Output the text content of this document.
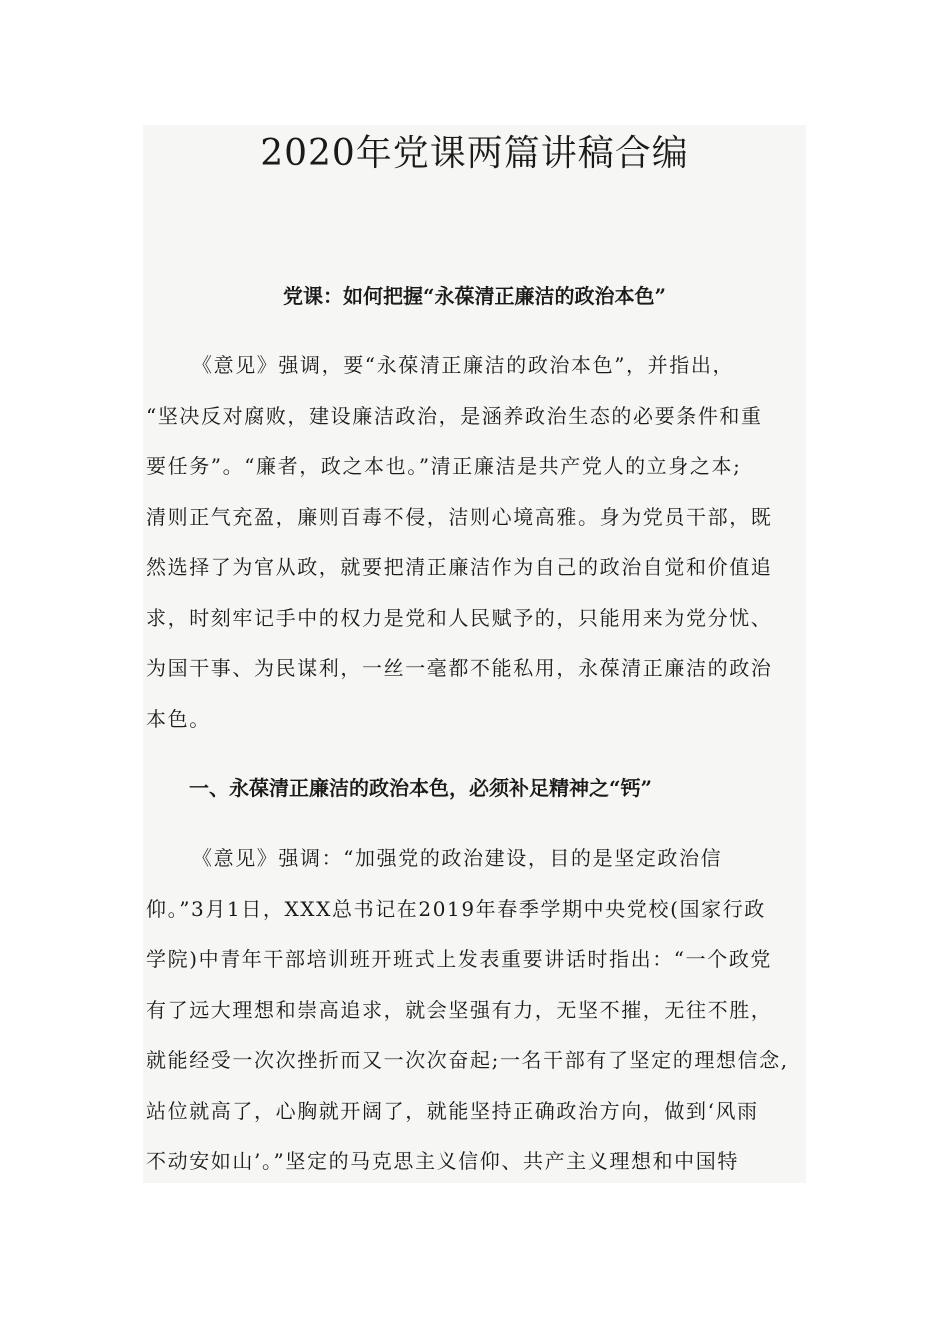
2020年党课两篇讲稿合编
党课：如何把握“永葆清正廉洁的政治本色”
《意见》强调，要“永葆清正廉洁的政治本色”，并指出，
“坚决反对腐败，建设廉洁政治，是涵养政治生态的必要条件和重
要任务”。“廉者，政之本也。”清正廉洁是共产党人的立身之本;
清则正气充盈，廉则百毒不侵，洁则心境高雅。身为党员干部，既
然选择了为官从政，就要把清正廉洁作为自己的政治自觉和价值追
求，时刻牢记手中的权力是党和人民赋予的，只能用来为党分忧、
为国干事、为民谋利，一丝一毫都不能私用，永葆清正廉洁的政治
本色。
一、永葆清正廉洁的政治本色，必须补足精神之“钙”
《意见》强调：“加强党的政治建设，目的是坚定政治信
仰。”3月1日，XXX总书记在2019年春季学期中央党校(国家行政
学院)中青年干部培训班开班式上发表重要讲话时指出：“一个政党
有了远大理想和崇高追求，就会坚强有力，无坚不摧，无往不胜，
就能经受一次次挫折而又一次次奋起;一名干部有了坚定的理想信念,
站位就高了，心胸就开阔了，就能坚持正确政治方向，做到‘风雨
不动安如山’。”坚定的马克思主义信仰、共产主义理想和中国特
